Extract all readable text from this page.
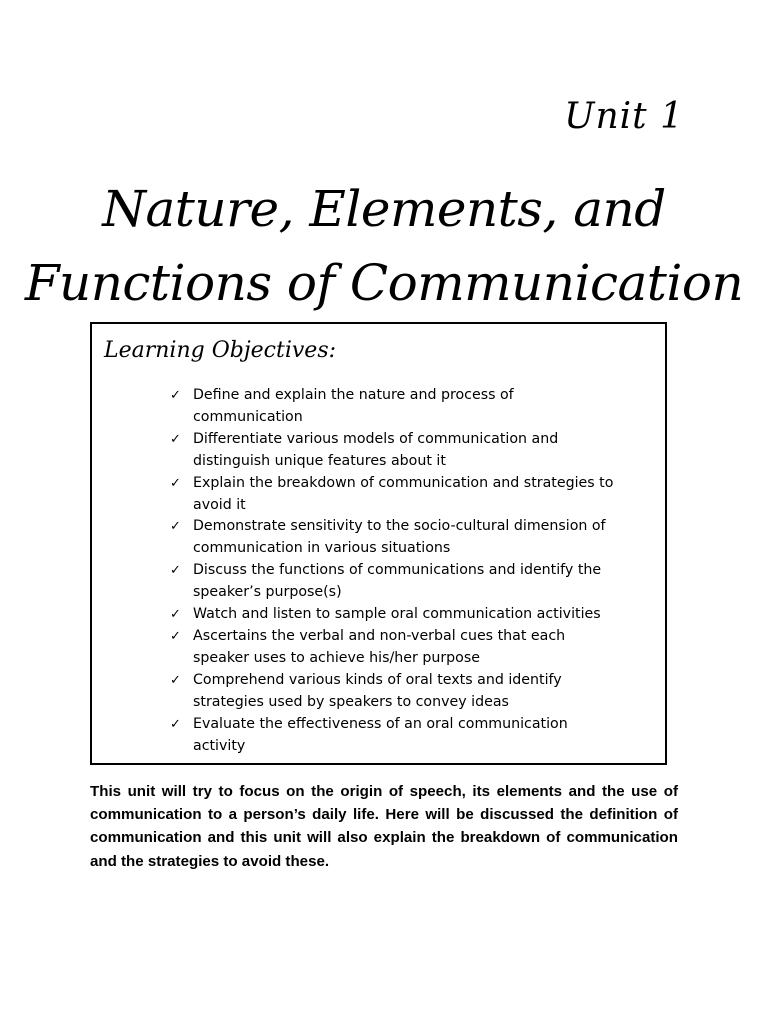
Unit 1
Nature, Elements, and
Functions of Communication
Learning Objectives:
✓ Define and explain the nature and process of communication
✓ Differentiate various models of communication and distinguish unique features about it
✓ Explain the breakdown of communication and strategies to avoid it
✓ Demonstrate sensitivity to the socio-cultural dimension of communication in various situations
✓ Discuss the functions of communications and identify the speaker’s purpose(s)
✓ Watch and listen to sample oral communication activities
✓ Ascertains the verbal and non-verbal cues that each speaker uses to achieve his/her purpose
✓ Comprehend various kinds of oral texts and identify strategies used by speakers to convey ideas
✓ Evaluate the effectiveness of an oral communication activity

This unit will try to focus on the origin of speech, its elements and the use of communication to a person’s daily life. Here will be discussed the definition of communication and this unit will also explain the breakdown of communication and the strategies to avoid these.
